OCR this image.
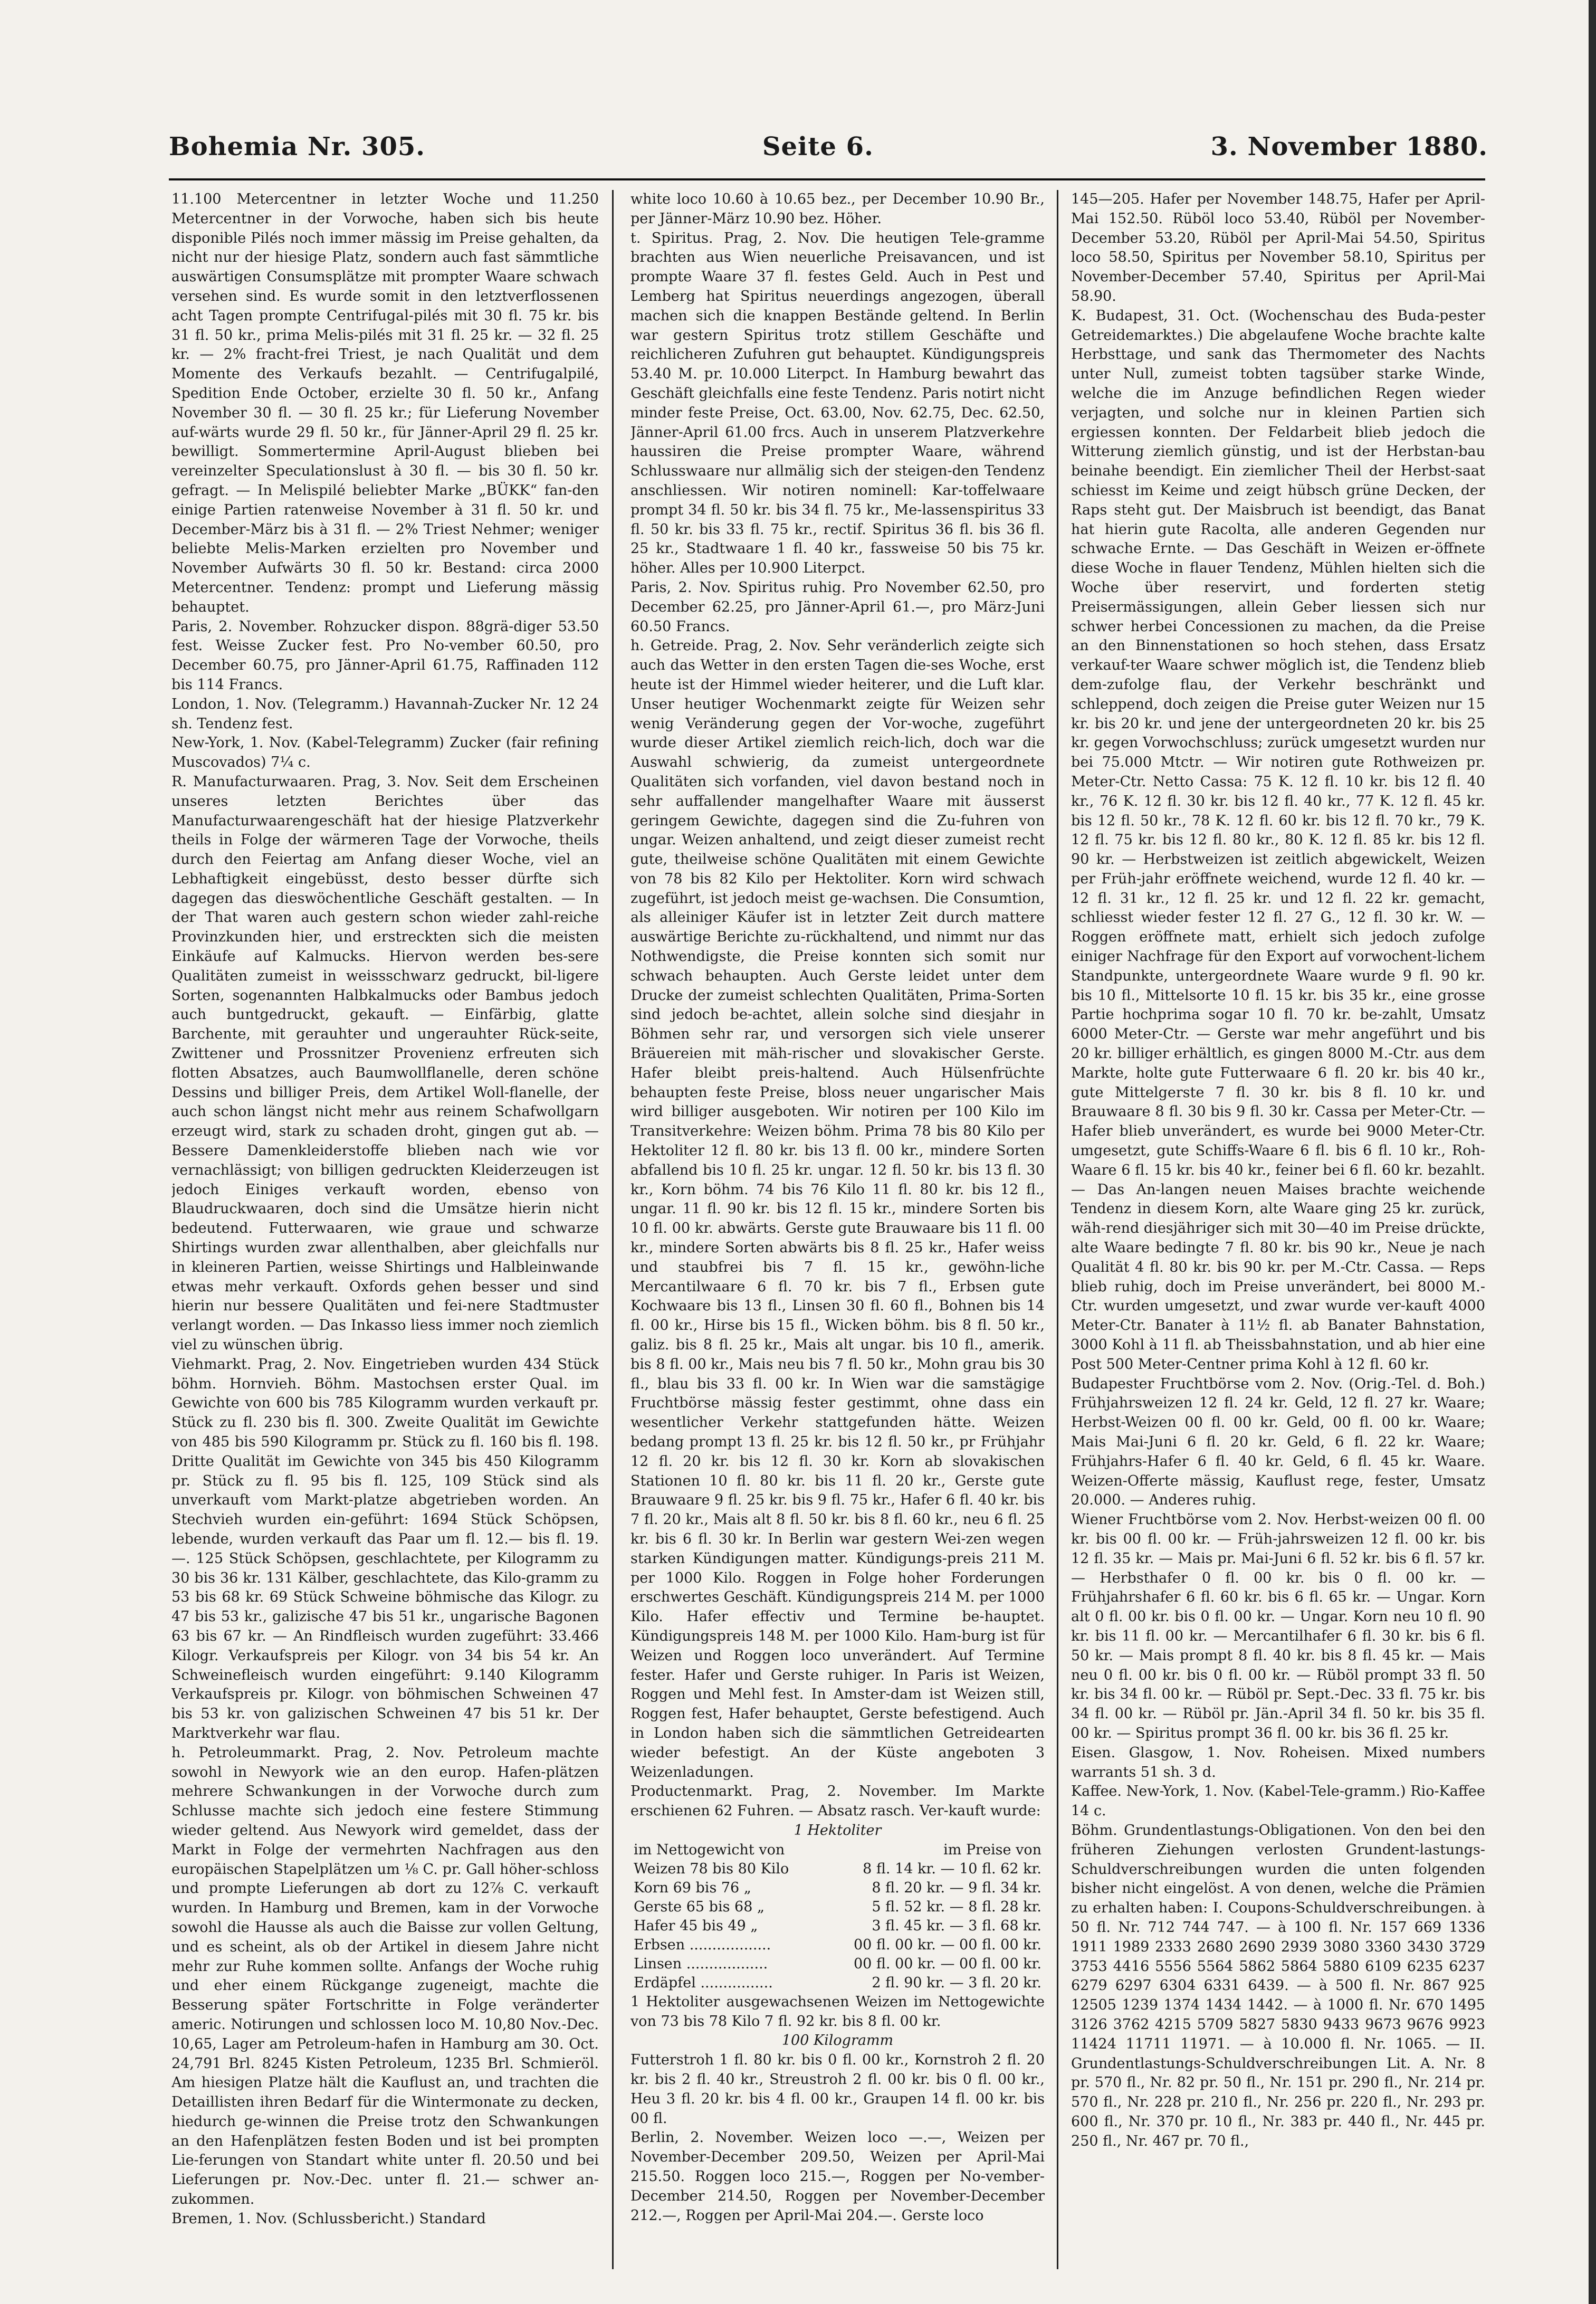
Bohemia Nr. 305.	Seite 6.	3. November 1880.

11.100 Metercentner in letzter Woche und 11.250 Metercentner in der Vorwoche, haben sich bis heute disponible Pilés noch immer mässig im Preise gehalten, da nicht nur der hiesige Platz, sondern auch fast sämmtliche auswärtigen Consumsplätze mit prompter Waare schwach versehen sind. Es wurde somit in den letztverflossenen acht Tagen prompte Centrifugal-pilés mit 30 fl. 75 kr. bis 31 fl. 50 kr., prima Melis-pilés mit 31 fl. 25 kr. — 32 fl. 25 kr. — 2% fracht-frei Triest, je nach Qualität und dem Momente des Verkaufs bezahlt. — Centrifugalpilé, Spedition Ende October, erzielte 30 fl. 50 kr., Anfang November 30 fl. — 30 fl. 25 kr.; für Lieferung November auf-wärts wurde 29 fl. 50 kr., für Jänner-April 29 fl. 25 kr. bewilligt. Sommertermine April-August blieben bei vereinzelter Speculationslust à 30 fl. — bis 30 fl. 50 kr. gefragt. — In Melispilé beliebter Marke „BÜKK“ fan-den einige Partien ratenweise November à 31 fl. 50 kr. und December-März bis à 31 fl. — 2% Triest Nehmer; weniger beliebte Melis-Marken erzielten pro November und November Aufwärts 30 fl. 50 kr. Bestand: circa 2000 Metercentner. Tendenz: prompt und Lieferung mässig behauptet.

Paris, 2. November. Rohzucker dispon. 88grä-diger 53.50 fest. Weisse Zucker fest. Pro No-vember 60.50, pro December 60.75, pro Jänner-April 61.75, Raffinaden 112 bis 114 Francs.

London, 1. Nov. (Telegramm.) Havannah-Zucker Nr. 12 24 sh. Tendenz fest.

New-York, 1. Nov. (Kabel-Telegramm) Zucker (fair refining Muscovados) 7¼ c.

R. Manufacturwaaren. Prag, 3. Nov. Seit dem Erscheinen unseres letzten Berichtes über das Manufacturwaarengeschäft hat der hiesige Platzverkehr theils in Folge der wärmeren Tage der Vorwoche, theils durch den Feiertag am Anfang dieser Woche, viel an Lebhaftigkeit eingebüsst, desto besser dürfte sich dagegen das dieswöchentliche Geschäft gestalten. — In der That waren auch gestern schon wieder zahl-reiche Provinzkunden hier, und erstreckten sich die meisten Einkäufe auf Kalmucks. Hiervon werden bes-sere Qualitäten zumeist in weissschwarz gedruckt, bil-ligere Sorten, sogenannten Halbkalmucks oder Bambus jedoch auch buntgedruckt, gekauft. — Einfärbig, glatte Barchente, mit gerauhter und ungerauhter Rück-seite, Zwittener und Prossnitzer Provenienz erfreuten sich flotten Absatzes, auch Baumwollflanelle, deren schöne Dessins und billiger Preis, dem Artikel Woll-flanelle, der auch schon längst nicht mehr aus reinem Schafwollgarn erzeugt wird, stark zu schaden droht, gingen gut ab. — Bessere Damenkleiderstoffe blieben nach wie vor vernachlässigt; von billigen gedruckten Kleiderzeugen ist jedoch Einiges verkauft worden, ebenso von Blaudruckwaaren, doch sind die Umsätze hierin nicht bedeutend. Futterwaaren, wie graue und schwarze Shirtings wurden zwar allenthalben, aber gleichfalls nur in kleineren Partien, weisse Shirtings und Halbleinwande etwas mehr verkauft. Oxfords gehen besser und sind hierin nur bessere Qualitäten und fei-nere Stadtmuster verlangt worden. — Das Inkasso liess immer noch ziemlich viel zu wünschen übrig.

Viehmarkt. Prag, 2. Nov. Eingetrieben wurden 434 Stück böhm. Hornvieh. Böhm. Mastochsen erster Qual. im Gewichte von 600 bis 785 Kilogramm wurden verkauft pr. Stück zu fl. 230 bis fl. 300. Zweite Qualität im Gewichte von 485 bis 590 Kilogramm pr. Stück zu fl. 160 bis fl. 198. Dritte Qualität im Gewichte von 345 bis 450 Kilogramm pr. Stück zu fl. 95 bis fl. 125, 109 Stück sind als unverkauft vom Markt-platze abgetrieben worden. An Stechvieh wurden ein-geführt: 1694 Stück Schöpsen, lebende, wurden verkauft das Paar um fl. 12.— bis fl. 19.—. 125 Stück Schöpsen, geschlachtete, per Kilogramm zu 30 bis 36 kr. 131 Kälber, geschlachtete, das Kilo-gramm zu 53 bis 68 kr. 69 Stück Schweine böhmische das Kilogr. zu 47 bis 53 kr., galizische 47 bis 51 kr., ungarische Bagonen 63 bis 67 kr. — An Rindfleisch wurden zugeführt: 33.466 Kilogr. Verkaufspreis per Kilogr. von 34 bis 54 kr. An Schweinefleisch wurden eingeführt: 9.140 Kilogramm Verkaufspreis pr. Kilogr. von böhmischen Schweinen 47 bis 53 kr. von galizischen Schweinen 47 bis 51 kr. Der Marktverkehr war flau.

h. Petroleummarkt. Prag, 2. Nov. Petroleum machte sowohl in Newyork wie an den europ. Hafen-plätzen mehrere Schwankungen in der Vorwoche durch zum Schlusse machte sich jedoch eine festere Stimmung wieder geltend. Aus Newyork wird gemeldet, dass der Markt in Folge der vermehrten Nachfragen aus den europäischen Stapelplätzen um ⅛ C. pr. Gall höher-schloss und prompte Lieferungen ab dort zu 12⅞ C. verkauft wurden. In Hamburg und Bremen, kam in der Vorwoche sowohl die Hausse als auch die Baisse zur vollen Geltung, und es scheint, als ob der Artikel in diesem Jahre nicht mehr zur Ruhe kommen sollte. Anfangs der Woche ruhig und eher einem Rückgange zugeneigt, machte die Besserung später Fortschritte in Folge veränderter americ. Notirungen und schlossen loco M. 10,80 Nov.-Dec. 10,65, Lager am Petroleum-hafen in Hamburg am 30. Oct. 24,791 Brl. 8245 Kisten Petroleum, 1235 Brl. Schmieröl. Am hiesigen Platze hält die Kauflust an, und trachten die Detaillisten ihren Bedarf für die Wintermonate zu decken, hiedurch ge-winnen die Preise trotz den Schwankungen an den Hafenplätzen festen Boden und ist bei prompten Lie-ferungen von Standart white unter fl. 20.50 und bei Lieferungen pr. Nov.-Dec. unter fl. 21.— schwer an-zukommen.

Bremen, 1. Nov. (Schlussbericht.) Standard

white loco 10.60 à 10.65 bez., per December 10.90 Br., per Jänner-März 10.90 bez. Höher.

t. Spiritus. Prag, 2. Nov. Die heutigen Tele-gramme brachten aus Wien neuerliche Preisavancen, und ist prompte Waare 37 fl. festes Geld. Auch in Pest und Lemberg hat Spiritus neuerdings angezogen, überall machen sich die knappen Bestände geltend. In Berlin war gestern Spiritus trotz stillem Geschäfte und reichlicheren Zufuhren gut behauptet. Kündigungspreis 53.40 M. pr. 10.000 Literpct. In Hamburg bewahrt das Geschäft gleichfalls eine feste Tendenz. Paris notirt nicht minder feste Preise, Oct. 63.00, Nov. 62.75, Dec. 62.50, Jänner-April 61.00 frcs. Auch in unserem Platzverkehre haussiren die Preise prompter Waare, während Schlusswaare nur allmälig sich der steigen-den Tendenz anschliessen. Wir notiren nominell: Kar-toffelwaare prompt 34 fl. 50 kr. bis 34 fl. 75 kr., Me-lassenspiritus 33 fl. 50 kr. bis 33 fl. 75 kr., rectif. Spiritus 36 fl. bis 36 fl. 25 kr., Stadtwaare 1 fl. 40 kr., fassweise 50 bis 75 kr. höher. Alles per 10.900 Literpct.

Paris, 2. Nov. Spiritus ruhig. Pro November 62.50, pro December 62.25, pro Jänner-April 61.—, pro März-Juni 60.50 Francs.

h. Getreide. Prag, 2. Nov. Sehr veränderlich zeigte sich auch das Wetter in den ersten Tagen die-ses Woche, erst heute ist der Himmel wieder heiterer, und die Luft klar. Unser heutiger Wochenmarkt zeigte für Weizen sehr wenig Veränderung gegen der Vor-woche, zugeführt wurde dieser Artikel ziemlich reich-lich, doch war die Auswahl schwierig, da zumeist untergeordnete Qualitäten sich vorfanden, viel davon bestand noch in sehr auffallender mangelhafter Waare mit äusserst geringem Gewichte, dagegen sind die Zu-fuhren von ungar. Weizen anhaltend, und zeigt dieser zumeist recht gute, theilweise schöne Qualitäten mit einem Gewichte von 78 bis 82 Kilo per Hektoliter. Korn wird schwach zugeführt, ist jedoch meist ge-wachsen. Die Consumtion, als alleiniger Käufer ist in letzter Zeit durch mattere auswärtige Berichte zu-rückhaltend, und nimmt nur das Nothwendigste, die Preise konnten sich somit nur schwach behaupten. Auch Gerste leidet unter dem Drucke der zumeist schlechten Qualitäten, Prima-Sorten sind jedoch be-achtet, allein solche sind diesjahr in Böhmen sehr rar, und versorgen sich viele unserer Bräuereien mit mäh-rischer und slovakischer Gerste. Hafer bleibt preis-haltend. Auch Hülsenfrüchte behaupten feste Preise, bloss neuer ungarischer Mais wird billiger ausgeboten. Wir notiren per 100 Kilo im Transitverkehre: Weizen böhm. Prima 78 bis 80 Kilo per Hektoliter 12 fl. 80 kr. bis 13 fl. 00 kr., mindere Sorten abfallend bis 10 fl. 25 kr. ungar. 12 fl. 50 kr. bis 13 fl. 30 kr., Korn böhm. 74 bis 76 Kilo 11 fl. 80 kr. bis 12 fl., ungar. 11 fl. 90 kr. bis 12 fl. 15 kr., mindere Sorten bis 10 fl. 00 kr. abwärts. Gerste gute Brauwaare bis 11 fl. 00 kr., mindere Sorten abwärts bis 8 fl. 25 kr., Hafer weiss und staubfrei bis 7 fl. 15 kr., gewöhn-liche Mercantilwaare 6 fl. 70 kr. bis 7 fl., Erbsen gute Kochwaare bis 13 fl., Linsen 30 fl. 60 fl., Bohnen bis 14 fl. 00 kr., Hirse bis 15 fl., Wicken böhm. bis 8 fl. 50 kr., galiz. bis 8 fl. 25 kr., Mais alt ungar. bis 10 fl., amerik. bis 8 fl. 00 kr., Mais neu bis 7 fl. 50 kr., Mohn grau bis 30 fl., blau bis 33 fl. 00 kr. In Wien war die samstägige Fruchtbörse mässig fester gestimmt, ohne dass ein wesentlicher Verkehr stattgefunden hätte. Weizen bedang prompt 13 fl. 25 kr. bis 12 fl. 50 kr., pr Frühjahr 12 fl. 20 kr. bis 12 fl. 30 kr. Korn ab slovakischen Stationen 10 fl. 80 kr. bis 11 fl. 20 kr., Gerste gute Brauwaare 9 fl. 25 kr. bis 9 fl. 75 kr., Hafer 6 fl. 40 kr. bis 7 fl. 20 kr., Mais alt 8 fl. 50 kr. bis 8 fl. 60 kr., neu 6 fl. 25 kr. bis 6 fl. 30 kr. In Berlin war gestern Wei-zen wegen starken Kündigungen matter. Kündigungs-preis 211 M. per 1000 Kilo. Roggen in Folge hoher Forderungen erschwertes Geschäft. Kündigungspreis 214 M. per 1000 Kilo. Hafer effectiv und Termine be-hauptet. Kündigungspreis 148 M. per 1000 Kilo. Ham-burg ist für Weizen und Roggen loco unverändert. Auf Termine fester. Hafer und Gerste ruhiger. In Paris ist Weizen, Roggen und Mehl fest. In Amster-dam ist Weizen still, Roggen fest, Hafer behauptet, Gerste befestigend. Auch in London haben sich die sämmtlichen Getreidearten wieder befestigt. An der Küste angeboten 3 Weizenladungen.

Productenmarkt. Prag, 2. November. Im Markte erschienen 62 Fuhren. — Absatz rasch. Ver-kauft wurde:

1 Hektoliter

im Nettogewicht von	im Preise von
Weizen 78 bis 80 Kilo	8 fl. 14 kr. — 10 fl. 62 kr.
Korn 69 bis 76 „	8 fl. 20 kr. — 9 fl. 34 kr.
Gerste 65 bis 68 „	5 fl. 52 kr. — 8 fl. 28 kr.
Hafer 45 bis 49 „	3 fl. 45 kr. — 3 fl. 68 kr.
Erbsen ..................	00 fl. 00 kr. — 00 fl. 00 kr.
Linsen ..................	00 fl. 00 kr. — 00 fl. 00 kr.
Erdäpfel ................	2 fl. 90 kr. — 3 fl. 20 kr.

1 Hektoliter ausgewachsenen Weizen im Nettogewichte von 73 bis 78 Kilo 7 fl. 92 kr. bis 8 fl. 00 kr.

100 Kilogramm

Futterstroh 1 fl. 80 kr. bis 0 fl. 00 kr., Kornstroh 2 fl. 20 kr. bis 2 fl. 40 kr., Streustroh 2 fl. 00 kr. bis 0 fl. 00 kr., Heu 3 fl. 20 kr. bis 4 fl. 00 kr., Graupen 14 fl. 00 kr. bis 00 fl.

Berlin, 2. November. Weizen loco —.—, Weizen per November-December 209.50, Weizen per April-Mai 215.50. Roggen loco 215.—, Roggen per No-vember-December 214.50, Roggen per November-December 212.—, Roggen per April-Mai 204.—. Gerste loco

145—205. Hafer per November 148.75, Hafer per April-Mai 152.50. Rüböl loco 53.40, Rüböl per November-December 53.20, Rüböl per April-Mai 54.50, Spiritus loco 58.50, Spiritus per November 58.10, Spiritus per November-December 57.40, Spiritus per April-Mai 58.90.

K. Budapest, 31. Oct. (Wochenschau des Buda-pester Getreidemarktes.) Die abgelaufene Woche brachte kalte Herbsttage, und sank das Thermometer des Nachts unter Null, zumeist tobten tagsüber starke Winde, welche die im Anzuge befindlichen Regen wieder verjagten, und solche nur in kleinen Partien sich ergiessen konnten. Der Feldarbeit blieb jedoch die Witterung ziemlich günstig, und ist der Herbstan-bau beinahe beendigt. Ein ziemlicher Theil der Herbst-saat schiesst im Keime und zeigt hübsch grüne Decken, der Raps steht gut. Der Maisbruch ist beendigt, das Banat hat hierin gute Racolta, alle anderen Gegenden nur schwache Ernte. — Das Geschäft in Weizen er-öffnete diese Woche in flauer Tendenz, Mühlen hielten sich die Woche über reservirt, und forderten stetig Preisermässigungen, allein Geber liessen sich nur schwer herbei Concessionen zu machen, da die Preise an den Binnenstationen so hoch stehen, dass Ersatz verkauf-ter Waare schwer möglich ist, die Tendenz blieb dem-zufolge flau, der Verkehr beschränkt und schleppend, doch zeigen die Preise guter Weizen nur 15 kr. bis 20 kr. und jene der untergeordneten 20 kr. bis 25 kr. gegen Vorwochschluss; zurück umgesetzt wurden nur bei 75.000 Mtctr. — Wir notiren gute Rothweizen pr. Meter-Ctr. Netto Cassa: 75 K. 12 fl. 10 kr. bis 12 fl. 40 kr., 76 K. 12 fl. 30 kr. bis 12 fl. 40 kr., 77 K. 12 fl. 45 kr. bis 12 fl. 50 kr., 78 K. 12 fl. 60 kr. bis 12 fl. 70 kr., 79 K. 12 fl. 75 kr. bis 12 fl. 80 kr., 80 K. 12 fl. 85 kr. bis 12 fl. 90 kr. — Herbstweizen ist zeitlich abgewickelt, Weizen per Früh-jahr eröffnete weichend, wurde 12 fl. 40 kr. — 12 fl. 31 kr., 12 fl. 25 kr. und 12 fl. 22 kr. gemacht, schliesst wieder fester 12 fl. 27 G., 12 fl. 30 kr. W. — Roggen eröffnete matt, erhielt sich jedoch zufolge einiger Nachfrage für den Export auf vorwochent-lichem Standpunkte, untergeordnete Waare wurde 9 fl. 90 kr. bis 10 fl., Mittelsorte 10 fl. 15 kr. bis 35 kr., eine grosse Partie hochprima sogar 10 fl. 70 kr. be-zahlt, Umsatz 6000 Meter-Ctr. — Gerste war mehr angeführt und bis 20 kr. billiger erhältlich, es gingen 8000 M.-Ctr. aus dem Markte, holte gute Futterwaare 6 fl. 20 kr. bis 40 kr., gute Mittelgerste 7 fl. 30 kr. bis 8 fl. 10 kr. und Brauwaare 8 fl. 30 bis 9 fl. 30 kr. Cassa per Meter-Ctr. — Hafer blieb unverändert, es wurde bei 9000 Meter-Ctr. umgesetzt, gute Schiffs-Waare 6 fl. bis 6 fl. 10 kr., Roh-Waare 6 fl. 15 kr. bis 40 kr., feiner bei 6 fl. 60 kr. bezahlt. — Das An-langen neuen Maises brachte weichende Tendenz in diesem Korn, alte Waare ging 25 kr. zurück, wäh-rend diesjähriger sich mit 30—40 im Preise drückte, alte Waare bedingte 7 fl. 80 kr. bis 90 kr., Neue je nach Qualität 4 fl. 80 kr. bis 90 kr. per M.-Ctr. Cassa. — Reps blieb ruhig, doch im Preise unverändert, bei 8000 M.-Ctr. wurden umgesetzt, und zwar wurde ver-kauft 4000 Meter-Ctr. Banater à 11½ fl. ab Banater Bahnstation, 3000 Kohl à 11 fl. ab Theissbahnstation, und ab hier eine Post 500 Meter-Centner prima Kohl à 12 fl. 60 kr.

Budapester Fruchtbörse vom 2. Nov. (Orig.-Tel. d. Boh.) Frühjahrsweizen 12 fl. 24 kr. Geld, 12 fl. 27 kr. Waare; Herbst-Weizen 00 fl. 00 kr. Geld, 00 fl. 00 kr. Waare; Mais Mai-Juni 6 fl. 20 kr. Geld, 6 fl. 22 kr. Waare; Frühjahrs-Hafer 6 fl. 40 kr. Geld, 6 fl. 45 kr. Waare. Weizen-Offerte mässig, Kauflust rege, fester, Umsatz 20.000. — Anderes ruhig.

Wiener Fruchtbörse vom 2. Nov. Herbst-weizen 00 fl. 00 kr. bis 00 fl. 00 kr. — Früh-jahrsweizen 12 fl. 00 kr. bis 12 fl. 35 kr. — Mais pr. Mai-Juni 6 fl. 52 kr. bis 6 fl. 57 kr. — Herbsthafer 0 fl. 00 kr. bis 0 fl. 00 kr. — Frühjahrshafer 6 fl. 60 kr. bis 6 fl. 65 kr. — Ungar. Korn alt 0 fl. 00 kr. bis 0 fl. 00 kr. — Ungar. Korn neu 10 fl. 90 kr. bis 11 fl. 00 kr. — Mercantilhafer 6 fl. 30 kr. bis 6 fl. 50 kr. — Mais prompt 8 fl. 40 kr. bis 8 fl. 45 kr. — Mais neu 0 fl. 00 kr. bis 0 fl. 00 kr. — Rüböl prompt 33 fl. 50 kr. bis 34 fl. 00 kr. — Rüböl pr. Sept.-Dec. 33 fl. 75 kr. bis 34 fl. 00 kr. — Rüböl pr. Jän.-April 34 fl. 50 kr. bis 35 fl. 00 kr. — Spiritus prompt 36 fl. 00 kr. bis 36 fl. 25 kr.

Eisen. Glasgow, 1. Nov. Roheisen. Mixed numbers warrants 51 sh. 3 d.

Kaffee. New-York, 1. Nov. (Kabel-Tele-gramm.) Rio-Kaffee 14 c.

Böhm. Grundentlastungs-Obligationen. Von den bei den früheren Ziehungen verlosten Grundent-lastungs-Schuldverschreibungen wurden die unten folgenden bisher nicht eingelöst. A von denen, welche die Prämien zu erhalten haben: I. Coupons-Schuldverschreibungen. à 50 fl. Nr. 712 744 747. — à 100 fl. Nr. 157 669 1336 1911 1989 2333 2680 2690 2939 3080 3360 3430 3729 3753 4416 5556 5564 5862 5864 5880 6109 6235 6237 6279 6297 6304 6331 6439. — à 500 fl. Nr. 867 925 12505 1239 1374 1434 1442. — à 1000 fl. Nr. 670 1495 3126 3762 4215 5709 5827 5830 9433 9673 9676 9923 11424 11711 11971. — à 10.000 fl. Nr. 1065. — II. Grundentlastungs-Schuldverschreibungen Lit. A. Nr. 8 pr. 570 fl., Nr. 82 pr. 50 fl., Nr. 151 pr. 290 fl., Nr. 214 pr. 570 fl., Nr. 228 pr. 210 fl., Nr. 256 pr. 220 fl., Nr. 293 pr. 600 fl., Nr. 370 pr. 10 fl., Nr. 383 pr. 440 fl., Nr. 445 pr. 250 fl., Nr. 467 pr. 70 fl.,
